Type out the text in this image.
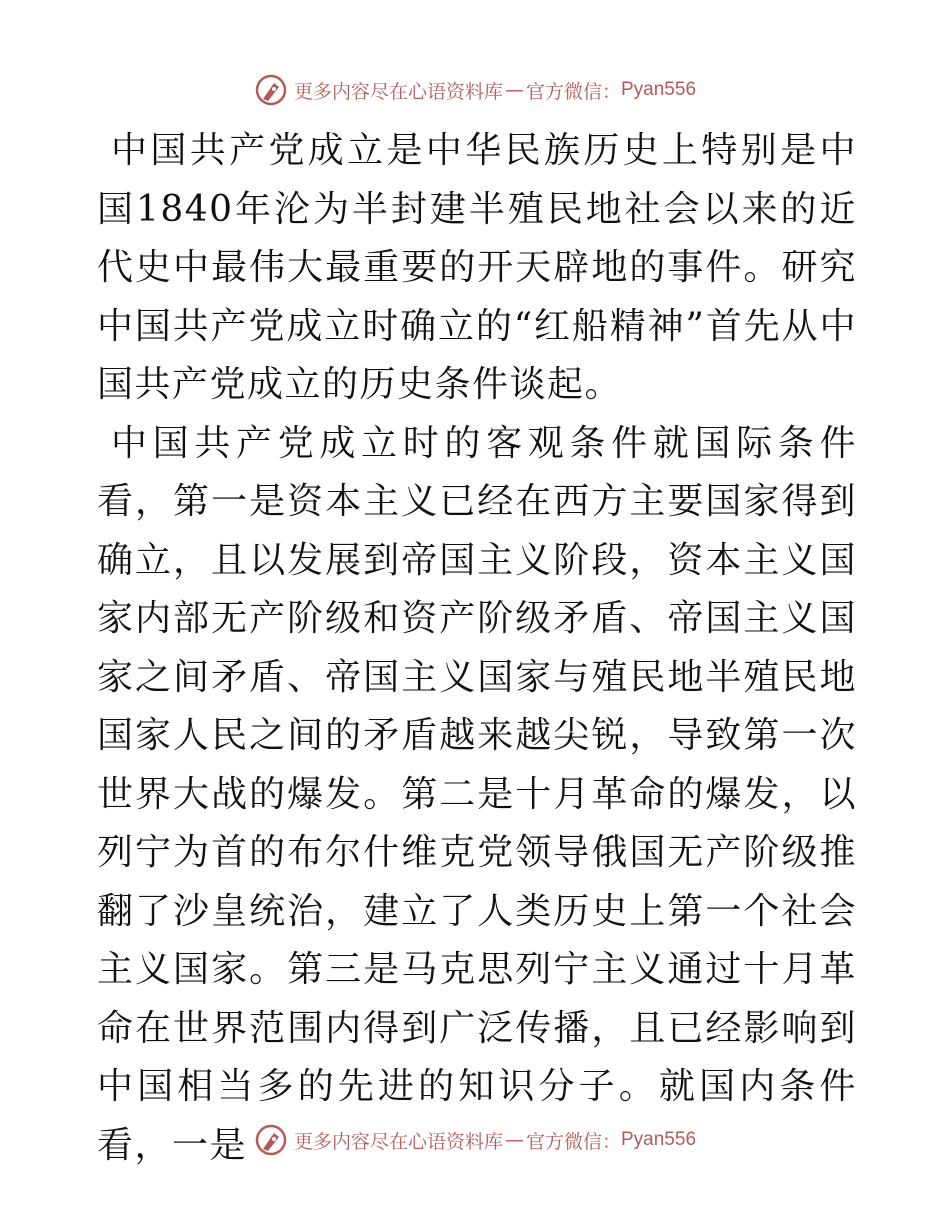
更多内容尽在心语资料库 — 官方微信： Pyan556

中国共产党成立是中华民族历史上特别是中国1840年沦为半封建半殖民地社会以来的近代史中最伟大最重要的开天辟地的事件。研究中国共产党成立时确立的“红船精神”首先从中国共产党成立的历史条件谈起。

中国共产党成立时的客观条件就国际条件看，第一是资本主义已经在西方主要国家得到确立，且以发展到帝国主义阶段，资本主义国家内部无产阶级和资产阶级矛盾、帝国主义国家之间矛盾、帝国主义国家与殖民地半殖民地国家人民之间的矛盾越来越尖锐，导致第一次世界大战的爆发。第二是十月革命的爆发，以列宁为首的布尔什维克党领导俄国无产阶级推翻了沙皇统治，建立了人类历史上第一个社会主义国家。第三是马克思列宁主义通过十月革命在世界范围内得到广泛传播，且已经影响到中国相当多的先进的知识分子。就国内条件看，一是	更多内容尽在心语资料库 — 官方微信： Pyan556
